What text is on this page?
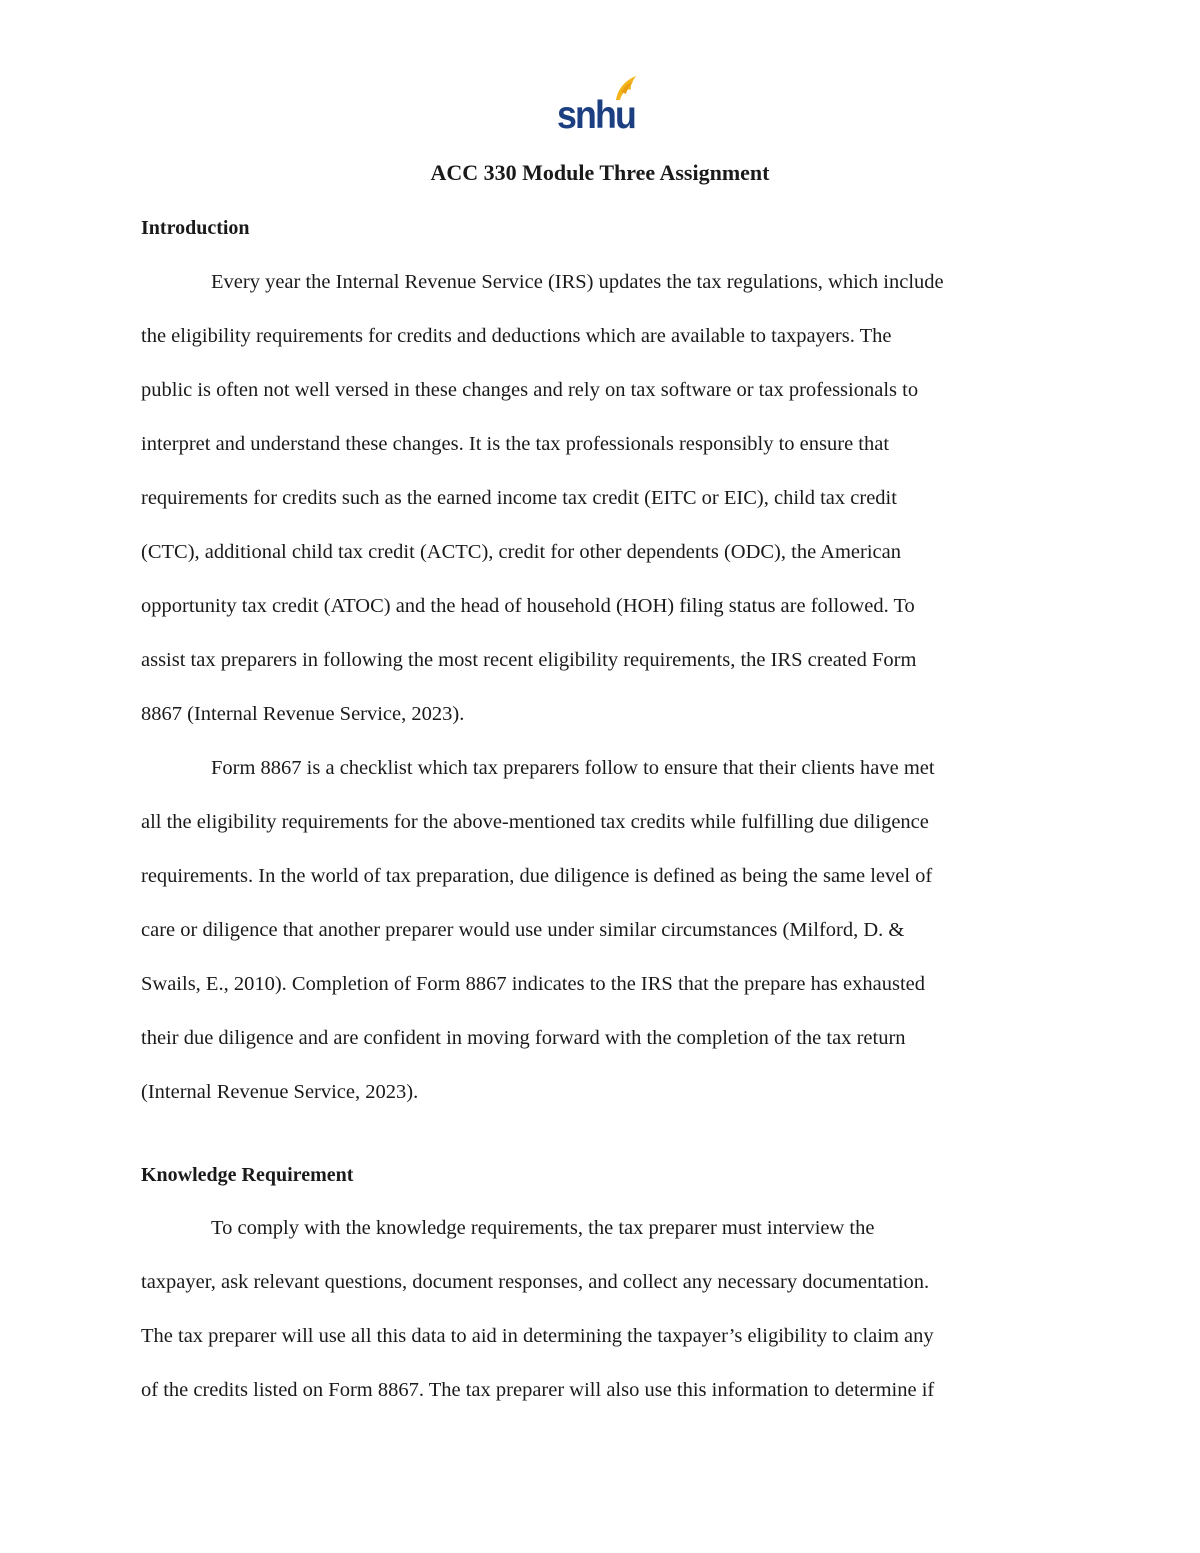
snhu
ACC 330 Module Three Assignment
Introduction

Every year the Internal Revenue Service (IRS) updates the tax regulations, which include

the eligibility requirements for credits and deductions which are available to taxpayers. The

public is often not well versed in these changes and rely on tax software or tax professionals to

interpret and understand these changes. It is the tax professionals responsibly to ensure that

requirements for credits such as the earned income tax credit (EITC or EIC), child tax credit

(CTC), additional child tax credit (ACTC), credit for other dependents (ODC), the American

opportunity tax credit (ATOC) and the head of household (HOH) filing status are followed. To

assist tax preparers in following the most recent eligibility requirements, the IRS created Form

8867 (Internal Revenue Service, 2023).

Form 8867 is a checklist which tax preparers follow to ensure that their clients have met

all the eligibility requirements for the above-mentioned tax credits while fulfilling due diligence

requirements. In the world of tax preparation, due diligence is defined as being the same level of

care or diligence that another preparer would use under similar circumstances (Milford, D. &

Swails, E., 2010). Completion of Form 8867 indicates to the IRS that the prepare has exhausted

their due diligence and are confident in moving forward with the completion of the tax return

(Internal Revenue Service, 2023).

Knowledge Requirement

To comply with the knowledge requirements, the tax preparer must interview the

taxpayer, ask relevant questions, document responses, and collect any necessary documentation.

The tax preparer will use all this data to aid in determining the taxpayer’s eligibility to claim any

of the credits listed on Form 8867. The tax preparer will also use this information to determine if
